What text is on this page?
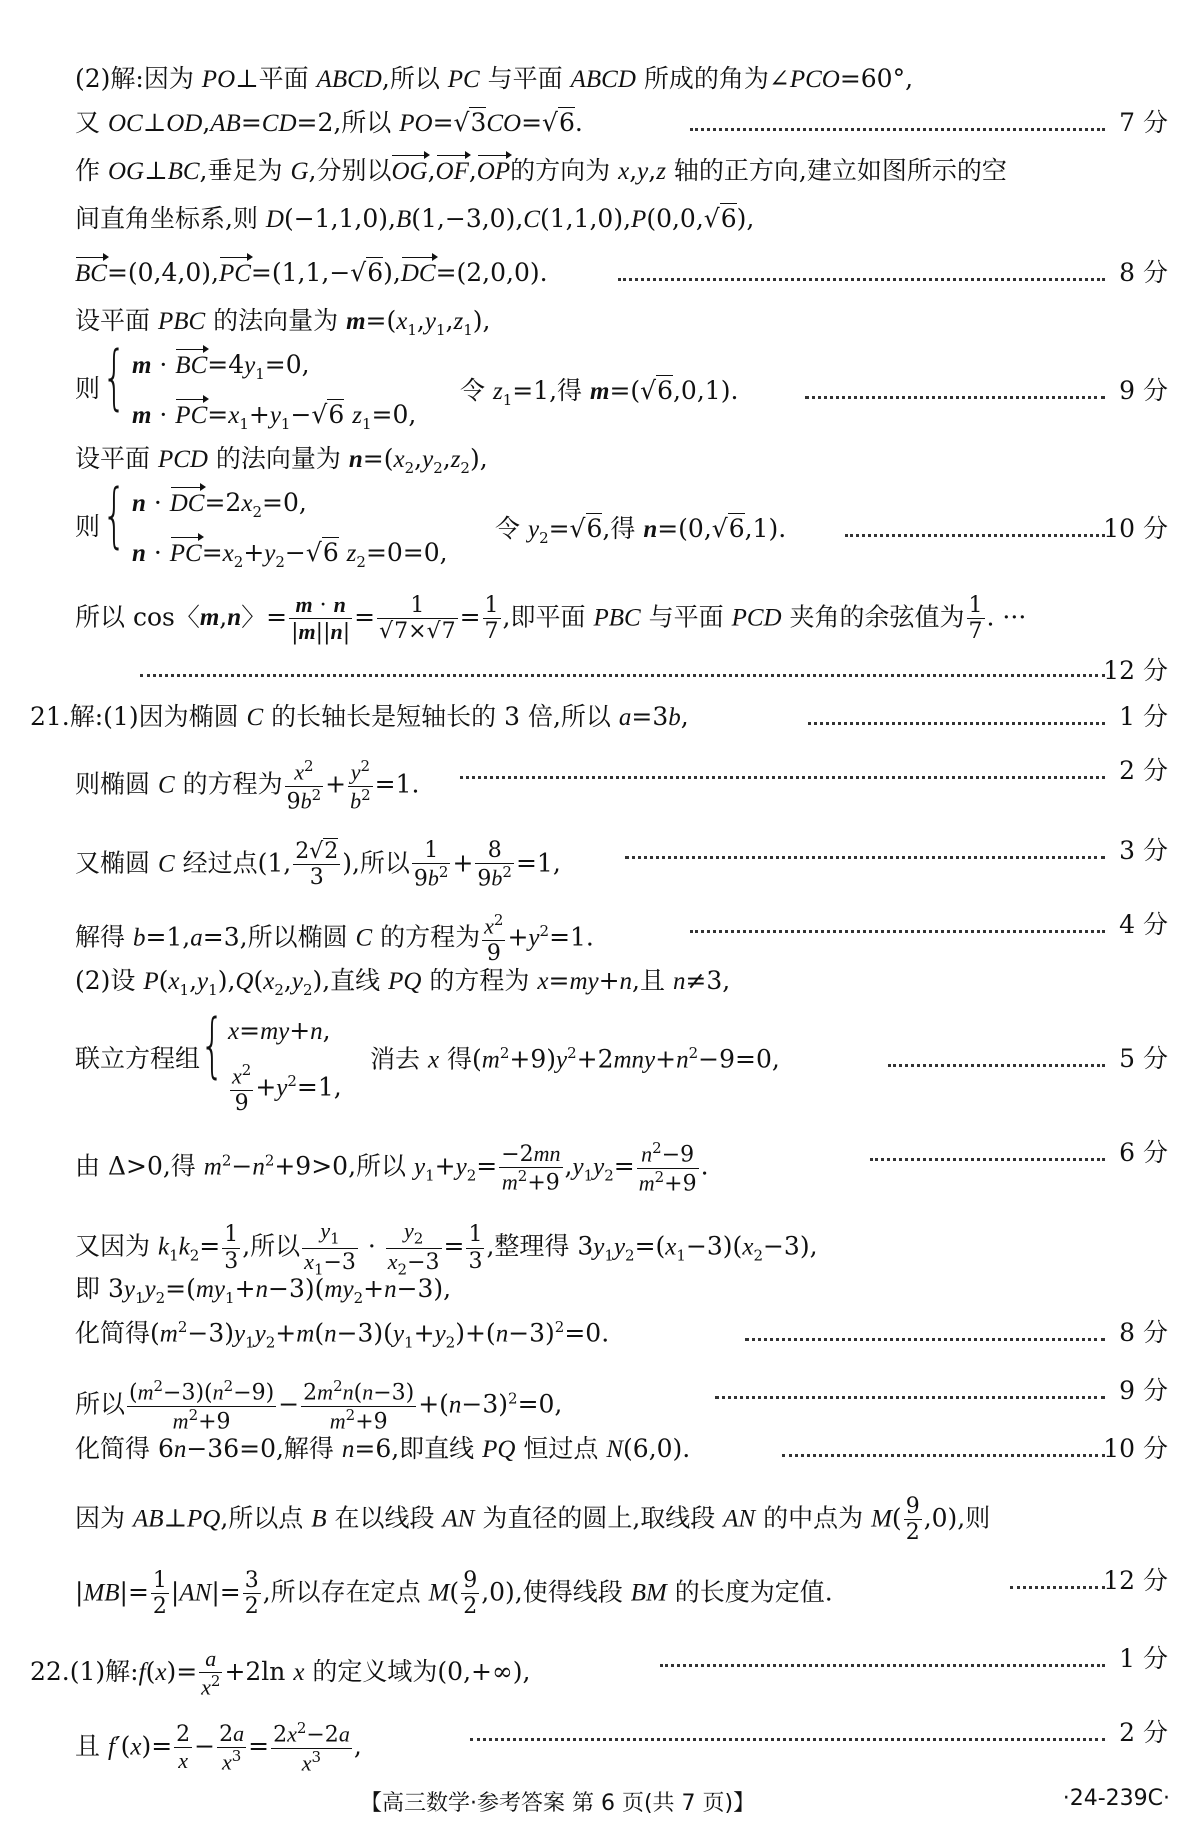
(2)解:因为 PO⊥平面 ABCD,所以 PC 与平面 ABCD 所成的角为∠PCO=60°,
又 OC⊥OD,AB=CD=2,所以 PO=√3CO=√6.	7 分
作 OG⊥BC,垂足为 G,分别以OG,OF,OP的方向为 x,y,z 轴的正方向,建立如图所示的空
间直角坐标系,则 D(−1,1,0),B(1,−3,0),C(1,1,0),P(0,0,√6),
BC=(0,4,0),PC=(1,1,−√6),DC=(2,0,0).	8 分
设平面 PBC 的法向量为 $m=(x_1,y_1,z_1)$,
则 { $m \cdot BC=4y_1=0$,
$m \cdot PC=x_1+y_1-√6$ $z_1=0$,
令 $z_1=1$,得 m=(√6,0,1).	9 分
设平面 PCD 的法向量为 $n=(x_2,y_2,z_2)$,
则 { $n \cdot DC=2x_2=0$,
$n \cdot PC=x_2+y_2-√6$ $z_2=0=0$,
令 $y_2=√6$,得 n=(0,√6,1).	10 分
所以 cos〈m,n〉= $\frac{m \cdot n}{|m||n|} = \frac{1}{√7\times√7} = \frac{1}{7}$ ,即平面 PBC 与平面 PCD 夹角的余弦值为 $\frac{1}{7}$ . ···
12 分
21.解:(1)因为椭圆 C 的长轴长是短轴长的 3 倍,所以 a=3b,	1 分
则椭圆 C 的方程为 $\frac{x^2}{9b^2} + \frac{y^2}{b^2} =1$.	2 分
又椭圆 C 经过点(1, $\frac{2√2}{3}$ ),所以 $\frac{1}{9b^2} + \frac{8}{9b^2} =1$,	3 分
解得 b=1,a=3,所以椭圆 C 的方程为 $\frac{x^2}{9} +y^2=1$.	4 分
(2)设 $P(x_1,y_1),Q(x_2,y_2)$,直线 PQ 的方程为 x=my+n,且 n≠3,
联立方程组 { x=my+n,
$\frac{x^2}{9} +y^2=1$,
消去 x 得$(m^2+9)y^2+2mny+n^2-9=0$,	5 分
由 Δ>0,得 $m^2-n^2+9>0$,所以 $y_1+y_2= \frac{-2mn}{m^2+9} ,y_1y_2= \frac{n^2-9}{m^2+9}$ .	6 分
又因为 $k_1k_2= \frac{1}{3}$ ,所以 $\frac{y_1}{x_1-3} \cdot \frac{y_2}{x_2-3} = \frac{1}{3}$ ,整理得 $3y_1y_2=(x_1-3)(x_2-3)$,
即 $3y_1y_2=(my_1+n-3)(my_2+n-3)$,
化简得$(m^2-3)y_1y_2+m(n-3)(y_1+y_2)+(n-3)^2=0$.	8 分
所以 $\frac{(m^2-3)(n^2-9)}{m^2+9} - \frac{2m^2n(n-3)}{m^2+9} +(n-3)^2=0$,	9 分
化简得 6n−36=0,解得 n=6,即直线 PQ 恒过点 N(6,0).	10 分
因为 AB⊥PQ,所以点 B 在以线段 AN 为直径的圆上,取线段 AN 的中点为 $M( \frac{9}{2} ,0)$,则
$|MB|= \frac{1}{2} |AN|= \frac{3}{2}$ ,所以存在定点 $M( \frac{9}{2} ,0)$,使得线段 BM 的长度为定值.	12 分
22.(1)解:f(x)= $\frac{a}{x^2} +2\ln$ x 的定义域为(0,+∞),	1 分
且 $f'(x)= \frac{2}{x} - \frac{2a}{x^3} = \frac{2x^2-2a}{x^3}$ ,	2 分
【高三数学·参考答案 第 6 页(共 7 页)】	·24-239C·
